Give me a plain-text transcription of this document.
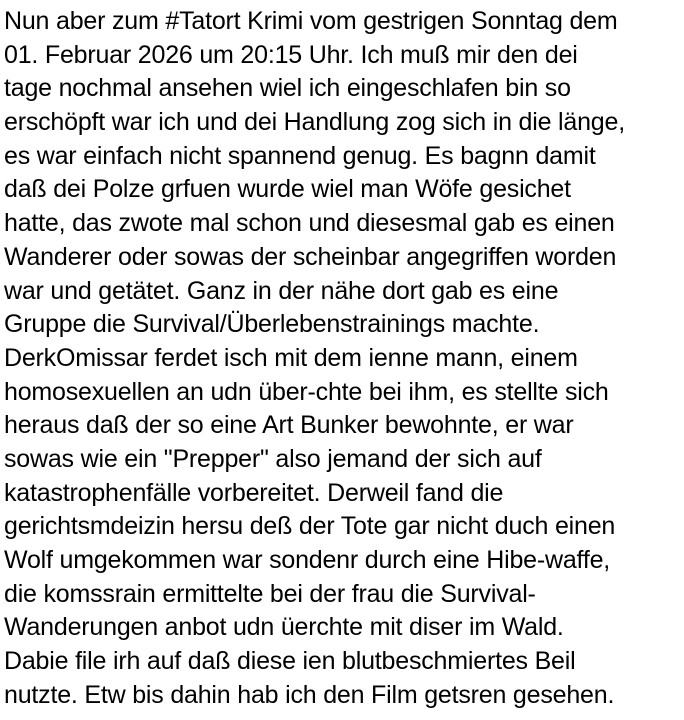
Nun aber zum #Tatort Krimi vom gestrigen Sonntag dem
01. Februar 2026 um 20:15 Uhr. Ich muß mir den dei
tage nochmal ansehen wiel ich eingeschlafen bin so
erschöpft war ich und dei Handlung zog sich in die länge,
es war einfach nicht spannend genug. Es bagnn damit
daß dei Polze grfuen wurde wiel man Wöfe gesichet
hatte, das zwote mal schon und diesesmal gab es einen
Wanderer oder sowas der scheinbar angegriffen worden
war und getätet. Ganz in der nähe dort gab es eine
Gruppe die Survival/Überlebenstrainings machte.
DerkOmissar ferdet isch mit dem ienne mann, einem
homosexuellen an udn über-chte bei ihm, es stellte sich
heraus daß der so eine Art Bunker bewohnte, er war
sowas wie ein "Prepper" also jemand der sich auf
katastrophenfälle vorbereitet. Derweil fand die
gerichtsmdeizin hersu deß der Tote gar nicht duch einen
Wolf umgekommen war sondenr durch eine Hibe-waffe,
die komssrain ermittelte bei der frau die Survival-
Wanderungen anbot udn üerchte mit diser im Wald.
Dabie file irh auf daß diese ien blutbeschmiertes Beil
nutzte. Etw bis dahin hab ich den Film getsren gesehen.
